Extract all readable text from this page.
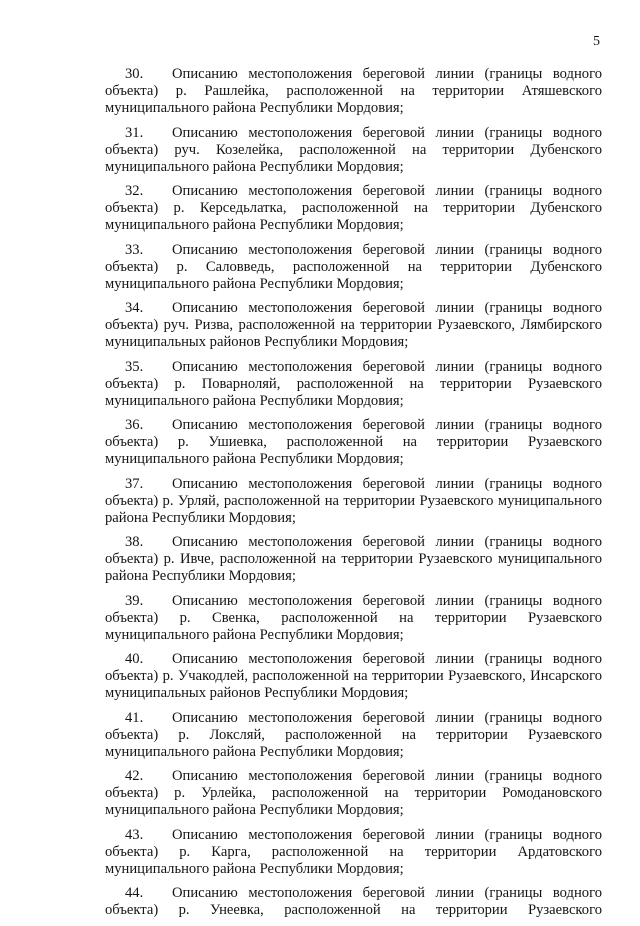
5

30. Описанию местоположения береговой линии (границы водного объекта) р. Рашлейка, расположенной на территории Атяшевского муниципального района Республики Мордовия;

31. Описанию местоположения береговой линии (границы водного объекта) руч. Козелейка, расположенной на территории Дубенского муниципального района Республики Мордовия;

32. Описанию местоположения береговой линии (границы водного объекта) р. Керседьлатка, расположенной на территории Дубенского муниципального района Республики Мордовия;

33. Описанию местоположения береговой линии (границы водного объекта) р. Саловведь, расположенной на территории Дубенского муниципального района Республики Мордовия;

34. Описанию местоположения береговой линии (границы водного объекта) руч. Ризва, расположенной на территории Рузаевского, Лямбирского муниципальных районов Республики Мордовия;

35. Описанию местоположения береговой линии (границы водного объекта) р. Поварноляй, расположенной на территории Рузаевского муниципального района Республики Мордовия;

36. Описанию местоположения береговой линии (границы водного объекта) р. Ушиевка, расположенной на территории Рузаевского муниципального района Республики Мордовия;

37. Описанию местоположения береговой линии (границы водного объекта) р. Урляй, расположенной на территории Рузаевского муниципального района Республики Мордовия;

38. Описанию местоположения береговой линии (границы водного объекта) р. Ивче, расположенной на территории Рузаевского муниципального района Республики Мордовия;

39. Описанию местоположения береговой линии (границы водного объекта) р. Свенка, расположенной на территории Рузаевского муниципального района Республики Мордовия;

40. Описанию местоположения береговой линии (границы водного объекта) р. Учакодлей, расположенной на территории Рузаевского, Инсарского муниципальных районов Республики Мордовия;

41. Описанию местоположения береговой линии (границы водного объекта) р. Локсляй, расположенной на территории Рузаевского муниципального района Республики Мордовия;

42. Описанию местоположения береговой линии (границы водного объекта) р. Урлейка, расположенной на территории Ромодановского муниципального района Республики Мордовия;

43. Описанию местоположения береговой линии (границы водного объекта) р. Карга, расположенной на территории Ардатовского муниципального района Республики Мордовия;

44. Описанию местоположения береговой линии (границы водного объекта) р. Унеевка, расположенной на территории Рузаевского
